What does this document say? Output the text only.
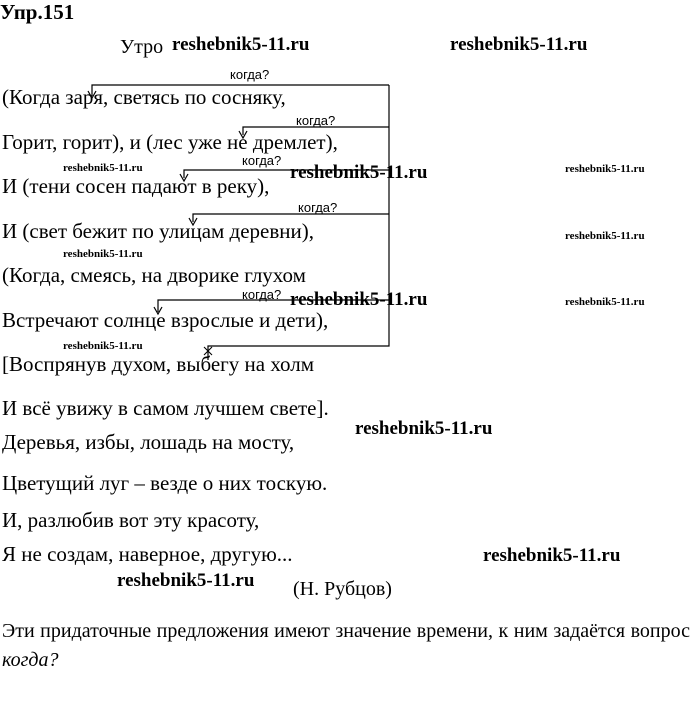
Упр.151
Утро reshebnik5-11.ru	reshebnik5-11.ru
reshebnik5-11.ru	reshebnik5-11.ru	reshebnik5-11.ru
reshebnik5-11.ru
reshebnik5-11.ru
reshebnik5-11.ru	reshebnik5-11.ru
reshebnik5-11.ru
reshebnik5-11.ru
reshebnik5-11.ru
reshebnik5-11.ru
когда?
когда?
когда?
когда?
когда?
(Когда заря, светясь по сосняку,
Горит, горит), и (лес уже не дремлет),
И (тени сосен падают в реку),
И (свет бежит по улицам деревни),
(Когда, смеясь, на дворике глухом
Встречают солнце взрослые и дети),
[Воспрянув духом, выбегу на холм
И всё увижу в самом лучшем свете].
Деревья, избы, лошадь на мосту,
Цветущий луг – везде о них тоскую.
И, разлюбив вот эту красоту,
Я не создам, наверное, другую...
(Н. Рубцов)
Эти придаточные предложения имеют значение времени, к ним задаётся вопрос когда?
